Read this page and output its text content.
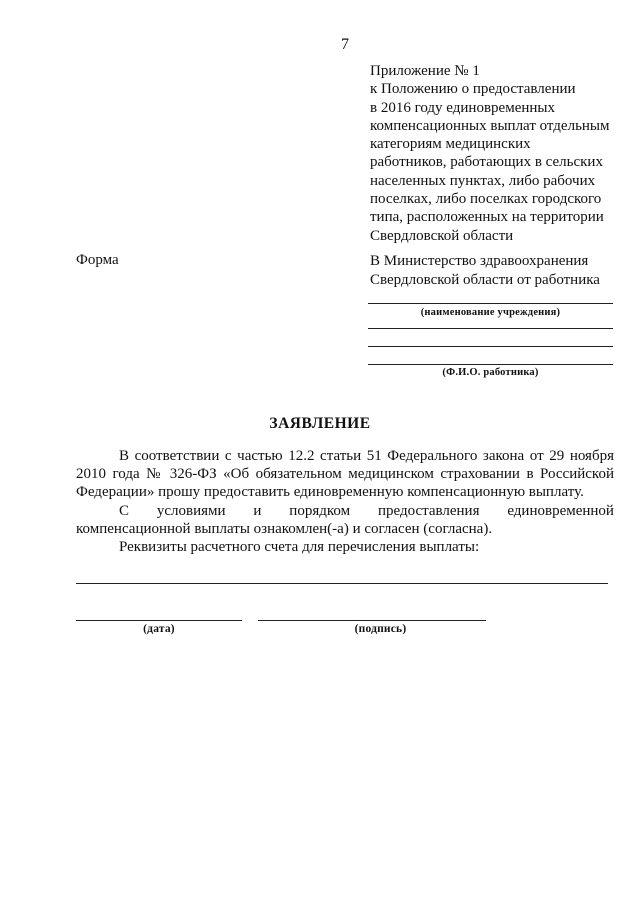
7
Приложение № 1
к Положению о предоставлении
в 2016 году единовременных
компенсационных выплат отдельным
категориям медицинских
работников, работающих в сельских
населенных пунктах, либо рабочих
поселках, либо поселках городского
типа, расположенных на территории
Свердловской области
Форма	В Министерство здравоохранения
Свердловской области от работника
(наименование учреждения)
(Ф.И.О. работника)
ЗАЯВЛЕНИЕ
В соответствии с частью 12.2 статьи 51 Федерального закона от 29 ноября 2010 года № 326-ФЗ «Об обязательном медицинском страховании в Российской Федерации» прошу предоставить единовременную компенсационную выплату.
С условиями и порядком предоставления единовременной
компенсационной выплаты ознакомлен(-а) и согласен (согласна).
Реквизиты расчетного счета для перечисления выплаты:
(дата)	(подпись)
